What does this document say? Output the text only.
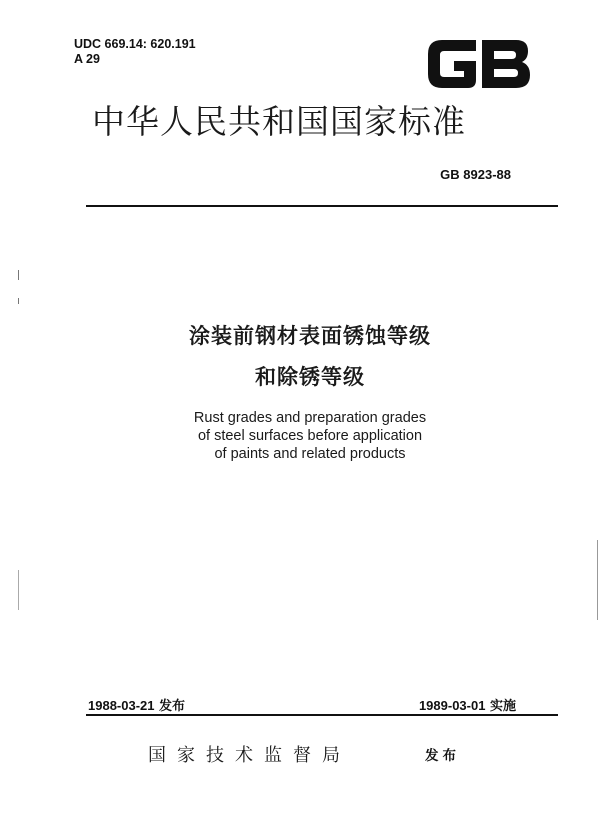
UDC 669.14: 620.191
A 29
中华人民共和国国家标准
GB 8923-88
涂装前钢材表面锈蚀等级
和除锈等级
Rust grades and preparation grades
of steel surfaces before application
of paints and related products
1988-03-21 发布	1989-03-01 实施
国家技术监督局	发布
